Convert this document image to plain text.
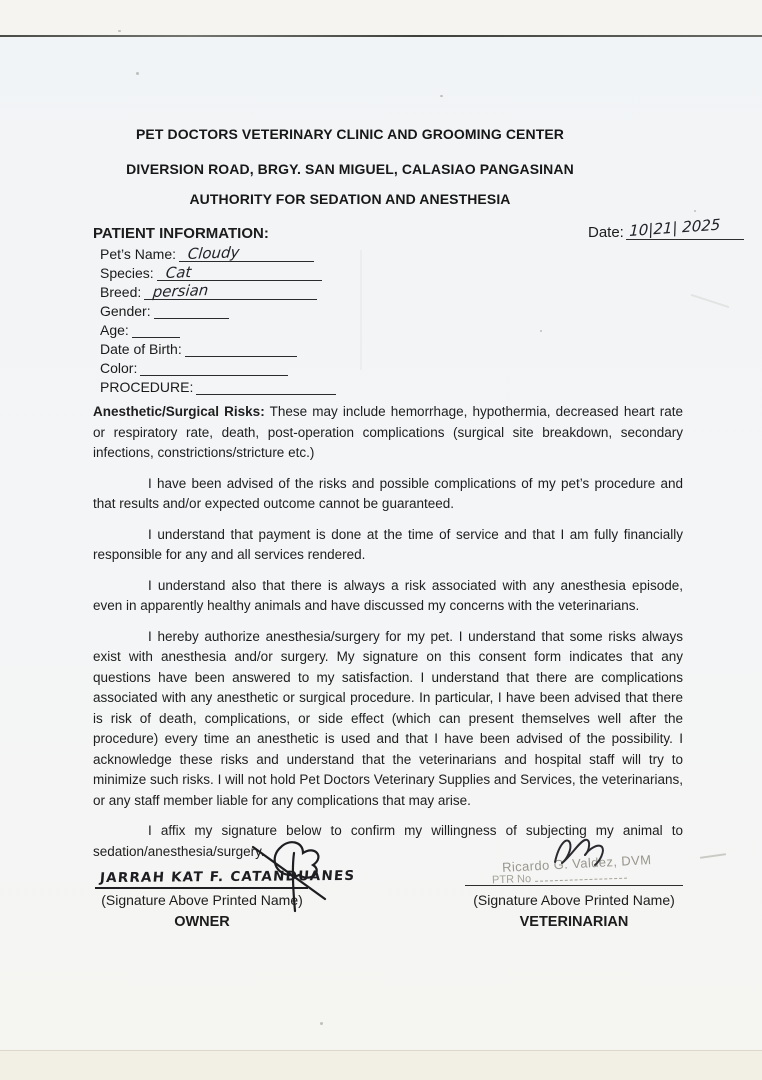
PET DOCTORS VETERINARY CLINIC AND GROOMING CENTER
DIVERSION ROAD, BRGY. SAN MIGUEL, CALASIAO PANGASINAN
AUTHORITY FOR SEDATION AND ANESTHESIA
PATIENT INFORMATION:	Date: 10|21| 2025
Pet’s Name: Cloudy
Species: Cat
Breed: persian
Gender:
Age:
Date of Birth:
Color:
PROCEDURE:

Anesthetic/Surgical Risks: These may include hemorrhage, hypothermia, decreased heart rate or respiratory rate, death, post-operation complications (surgical site breakdown, secondary infections, constrictions/stricture etc.)

I have been advised of the risks and possible complications of my pet’s procedure and that results and/or expected outcome cannot be guaranteed.

I understand that payment is done at the time of service and that I am fully financially responsible for any and all services rendered.

I understand also that there is always a risk associated with any anesthesia episode, even in apparently healthy animals and have discussed my concerns with the veterinarians.

I hereby authorize anesthesia/surgery for my pet. I understand that some risks always exist with anesthesia and/or surgery. My signature on this consent form indicates that any questions have been answered to my satisfaction. I understand that there are complications associated with any anesthetic or surgical procedure. In particular, I have been advised that there is risk of death, complications, or side effect (which can present themselves well after the procedure) every time an anesthetic is used and that I have been advised of the possibility. I acknowledge these risks and understand that the veterinarians and hospital staff will try to minimize such risks. I will not hold Pet Doctors Veterinary Supplies and Services, the veterinarians, or any staff member liable for any complications that may arise.

I affix my signature below to confirm my willingness of subjecting my animal to sedation/anesthesia/surgery.

JARRAH KAT F. CATANDUANES
(Signature Above Printed Name)
OWNER
Ricardo G. Valdez, DVM
PTR No
(Signature Above Printed Name)
VETERINARIAN
